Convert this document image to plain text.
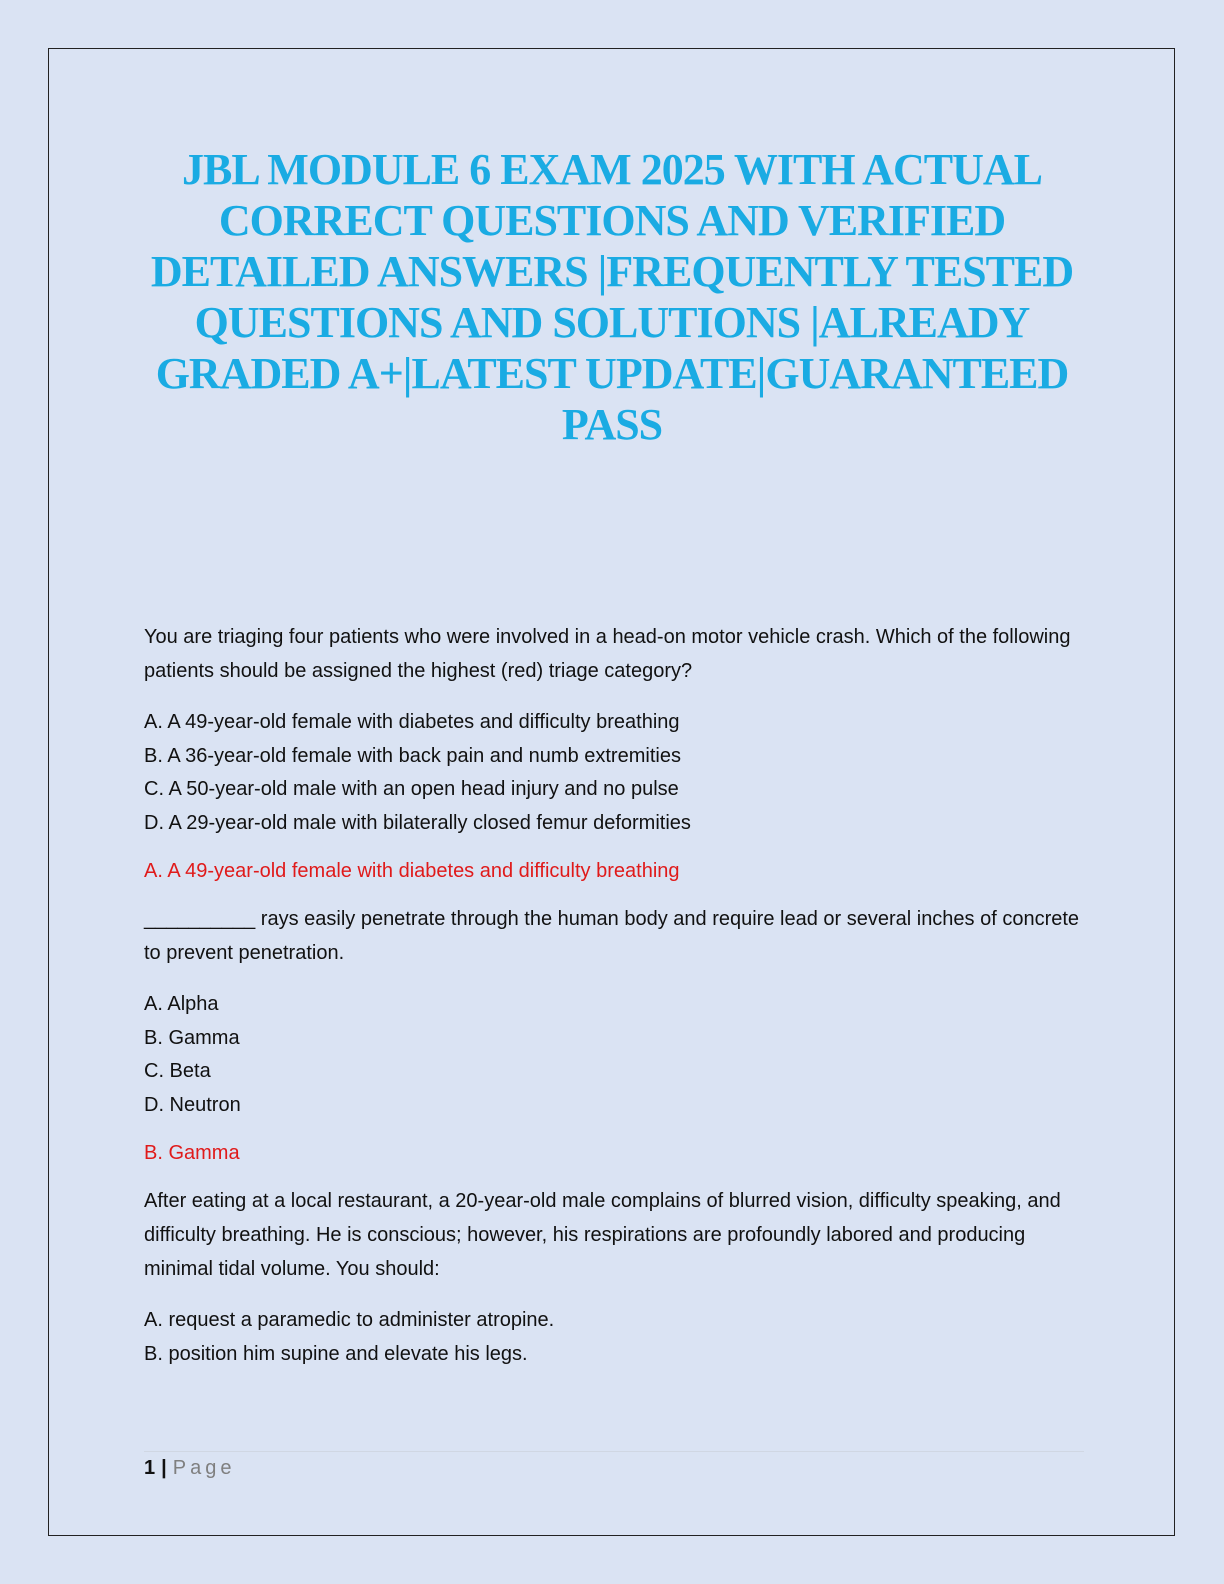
JBL MODULE 6 EXAM 2025 WITH ACTUAL CORRECT QUESTIONS AND VERIFIED DETAILED ANSWERS |FREQUENTLY TESTED QUESTIONS AND SOLUTIONS |ALREADY GRADED A+|LATEST UPDATE|GUARANTEED PASS

You are triaging four patients who were involved in a head-on motor vehicle crash. Which of the following patients should be assigned the highest (red) triage category?

A. A 49-year-old female with diabetes and difficulty breathing
B. A 36-year-old female with back pain and numb extremities
C. A 50-year-old male with an open head injury and no pulse
D. A 29-year-old male with bilaterally closed femur deformities

A. A 49-year-old female with diabetes and difficulty breathing

__________ rays easily penetrate through the human body and require lead or several inches of concrete to prevent penetration.

A. Alpha
B. Gamma
C. Beta
D. Neutron

B. Gamma

After eating at a local restaurant, a 20-year-old male complains of blurred vision, difficulty speaking, and difficulty breathing. He is conscious; however, his respirations are profoundly labored and producing minimal tidal volume. You should:

A. request a paramedic to administer atropine.
B. position him supine and elevate his legs.
1 | Page
